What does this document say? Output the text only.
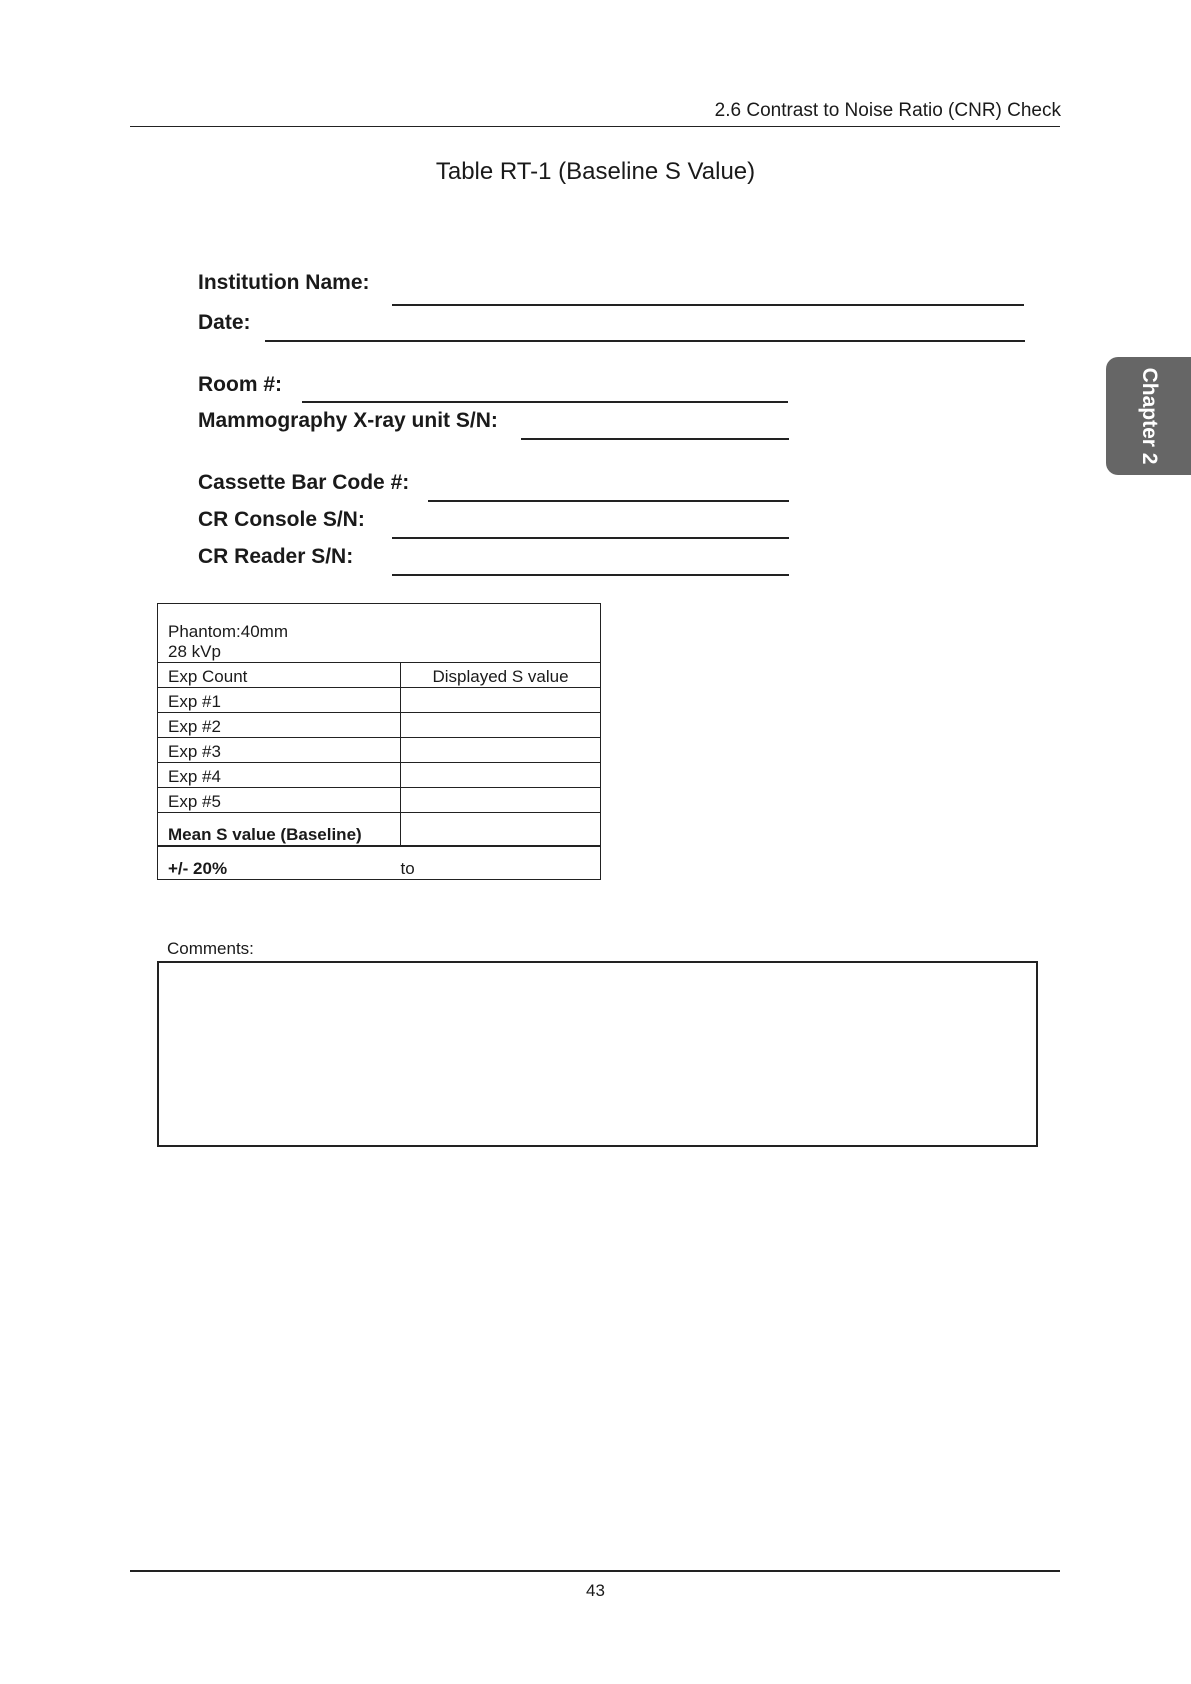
2.6 Contrast to Noise Ratio (CNR) Check
Table RT-1 (Baseline S Value)
Institution Name:
Date:
Room #:
Mammography X-ray unit S/N:
Cassette Bar Code #:
CR Console S/N:
CR Reader S/N:
Chapter 2
Phantom:40mm
28 kVp	

Exp Count	Displayed S value
Exp #1	
Exp #2	
Exp #3	
Exp #4	
Exp #5	
Mean S value (Baseline)	
+/- 20%	to
Comments:
43
